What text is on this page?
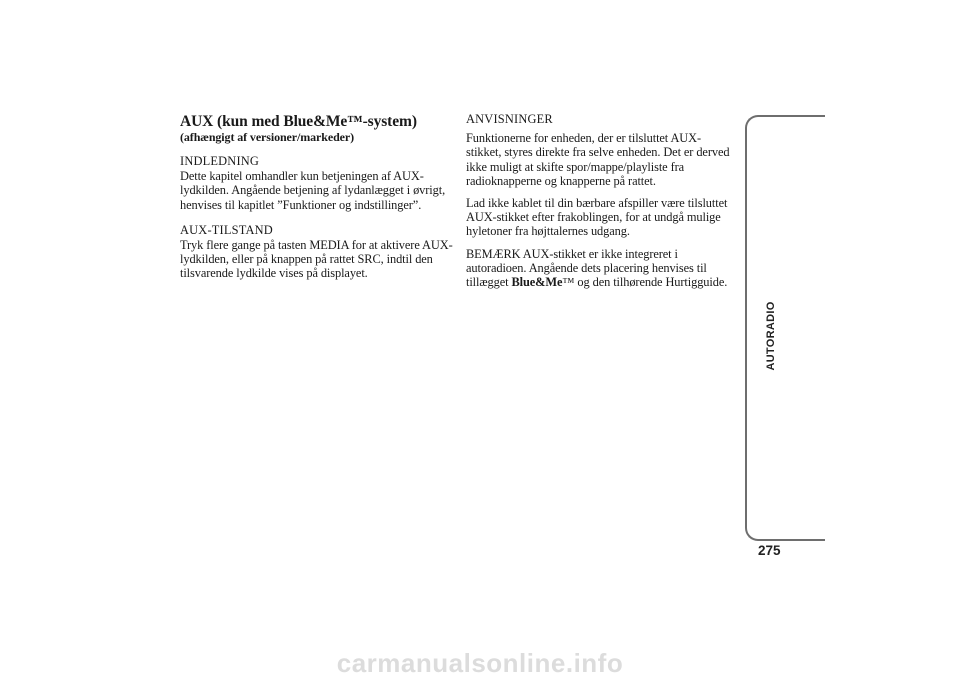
AUX (kun med Blue&Me™-system)
(afhængigt af versioner/markeder)
INDLEDNING

Dette kapitel omhandler kun betjeningen af AUX-lydkilden. Angående betjening af lydanlægget i øvrigt, henvises til kapitlet ”Funktioner og indstillinger”.

AUX-TILSTAND

Tryk flere gange på tasten MEDIA for at aktivere AUX-lydkilden, eller på knappen på rattet SRC, indtil den tilsvarende lydkilde vises på displayet.

ANVISNINGER

Funktionerne for enheden, der er tilsluttet AUX-stikket, styres direkte fra selve enheden. Det er derved ikke muligt at skifte spor/mappe/playliste fra radioknapperne og knapperne på rattet.

Lad ikke kablet til din bærbare afspiller være tilsluttet AUX-stikket efter frakoblingen, for at undgå mulige hyletoner fra højttalernes udgang.

BEMÆRK AUX-stikket er ikke integreret i autoradioen. Angående dets placering henvises til tillægget Blue&Me™ og den tilhørende Hurtigguide.

AUTORADIO
275
carmanualsonline.info
